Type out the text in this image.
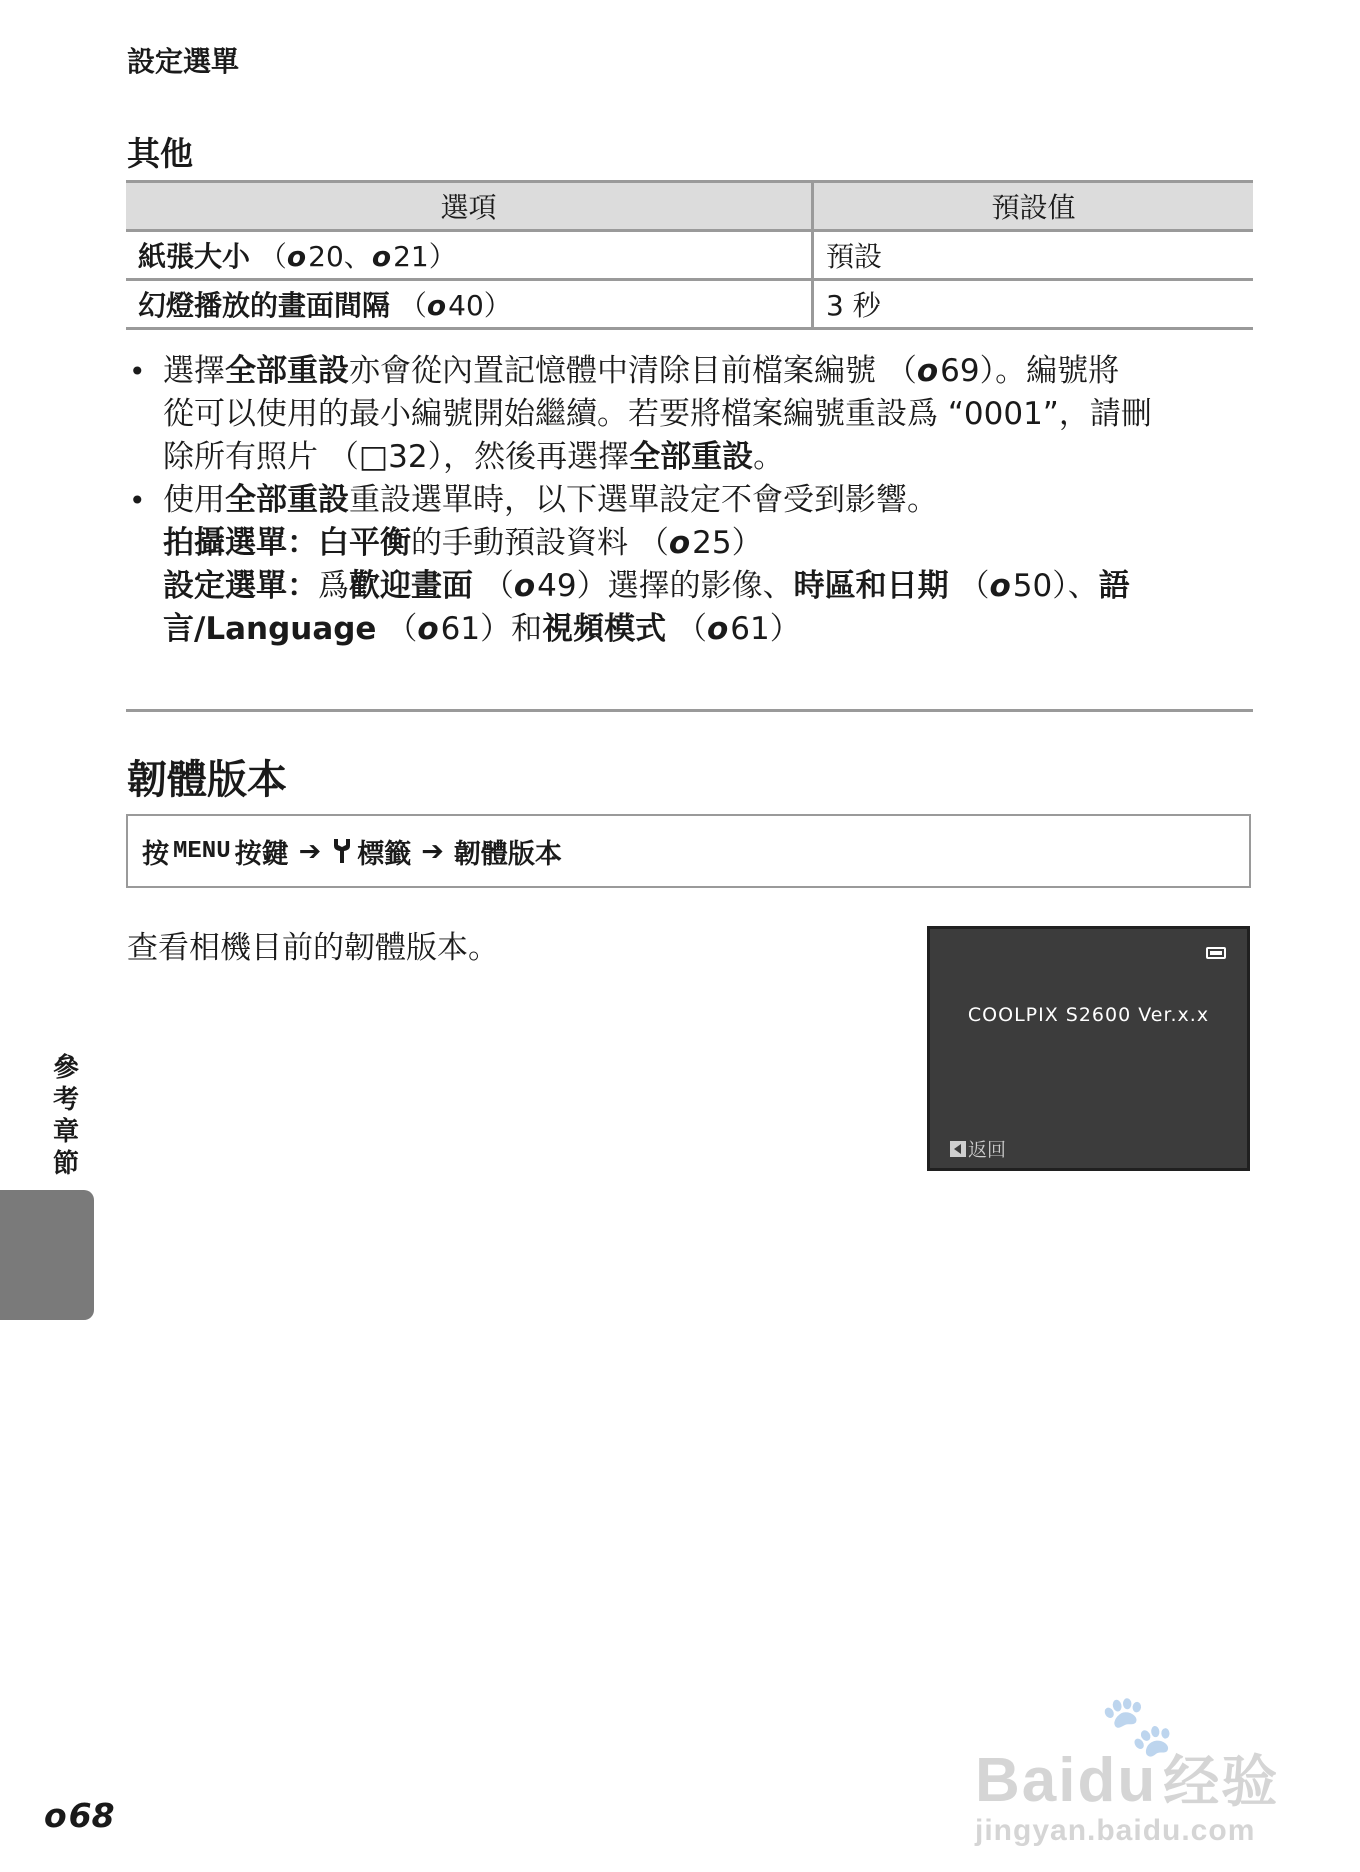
設定選單
其他
選項	預設值
紙張大小 （o20、o21）	預設
幻燈播放的畫面間隔 （o40）	3 秒
• 選擇全部重設亦會從內置記憶體中清除目前檔案編號 （o69）。編號將
從可以使用的最小編號開始繼續。若要將檔案編號重設爲 “0001”，請刪
除所有照片 （□32），然後再選擇全部重設。
• 使用全部重設重設選單時，以下選單設定不會受到影響。
拍攝選單：白平衡的手動預設資料 （o25）
設定選單：爲歡迎畫面 （o49）選擇的影像、時區和日期 （o50）、語
言/Language （o61）和視頻模式 （o61）
韌體版本
按 MENU 按鍵 ➔ 標籤 ➔ 韌體版本
查看相機目前的韌體版本。
COOLPIX S2600 Ver.x.x
返回
參
考
章
節
o68
🐾
Baidu 经验
jingyan.baidu.com
